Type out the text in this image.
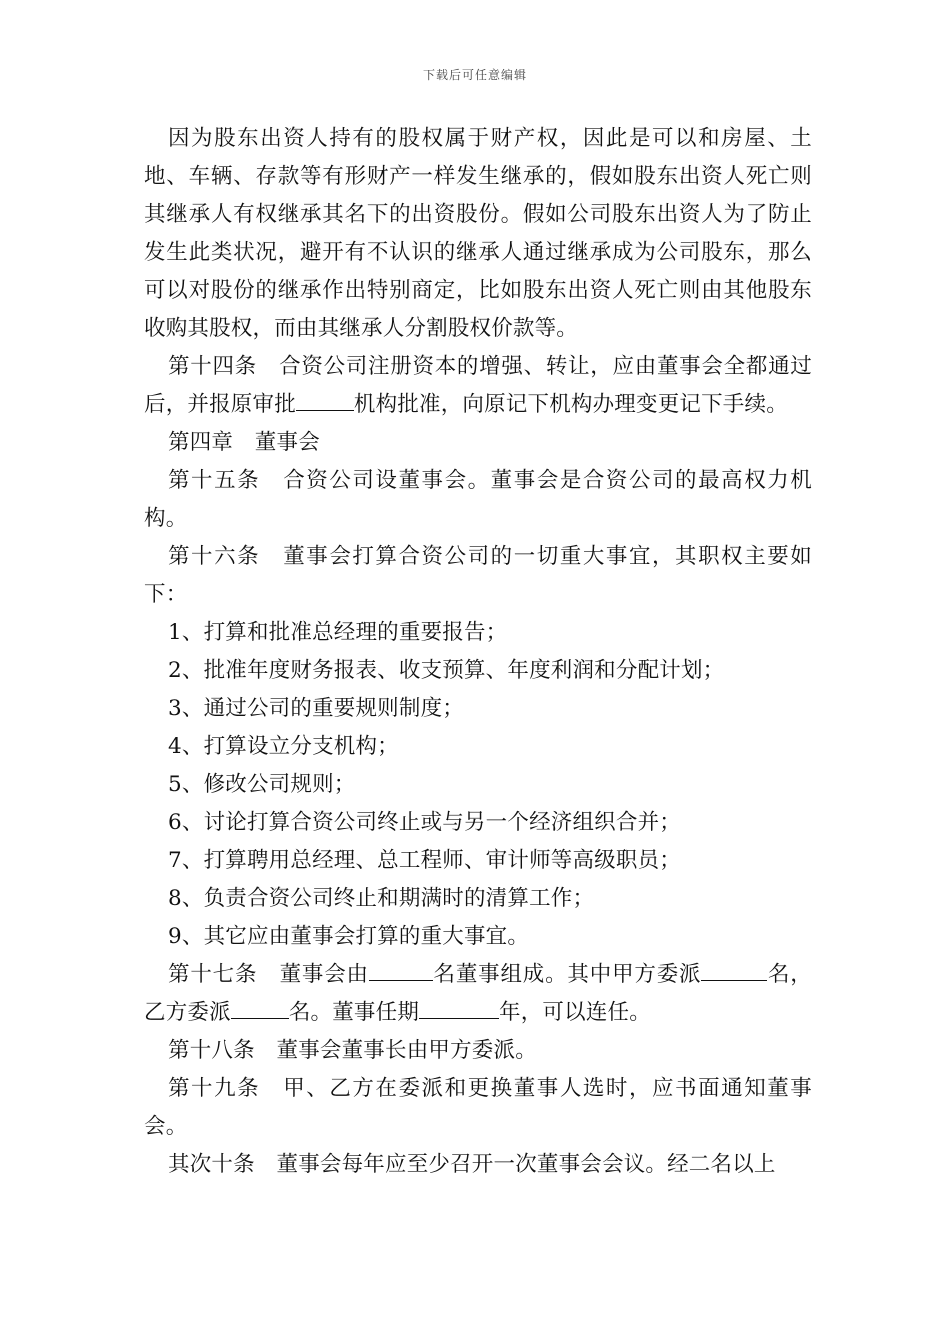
下载后可任意编辑

因为股东出资人持有的股权属于财产权，因此是可以和房屋、土地、车辆、存款等有形财产一样发生继承的，假如股东出资人死亡则其继承人有权继承其名下的出资股份。假如公司股东出资人为了防止发生此类状况，避开有不认识的继承人通过继承成为公司股东，那么可以对股份的继承作出特别商定，比如股东出资人死亡则由其他股东收购其股权，而由其继承人分割股权价款等。

第十四条　合资公司注册资本的增强、转让，应由董事会全都通过后，并报原审批	机构批准，向原记下机构办理变更记下手续。

第四章　董事会

第十五条　合资公司设董事会。董事会是合资公司的最高权力机构。

第十六条　董事会打算合资公司的一切重大事宜，其职权主要如下：

1、打算和批准总经理的重要报告；

2、批准年度财务报表、收支预算、年度利润和分配计划；

3、通过公司的重要规则制度；

4、打算设立分支机构；

5、修改公司规则；

6、讨论打算合资公司终止或与另一个经济组织合并；

7、打算聘用总经理、总工程师、审计师等高级职员；

8、负责合资公司终止和期满时的清算工作；

9、其它应由董事会打算的重大事宜。

第十七条　董事会由	名董事组成。其中甲方委派	名，乙方委派	名。董事任期	年，可以连任。

第十八条　董事会董事长由甲方委派。

第十九条　甲、乙方在委派和更换董事人选时，应书面通知董事会。

其次十条　董事会每年应至少召开一次董事会会议。经二名以上
